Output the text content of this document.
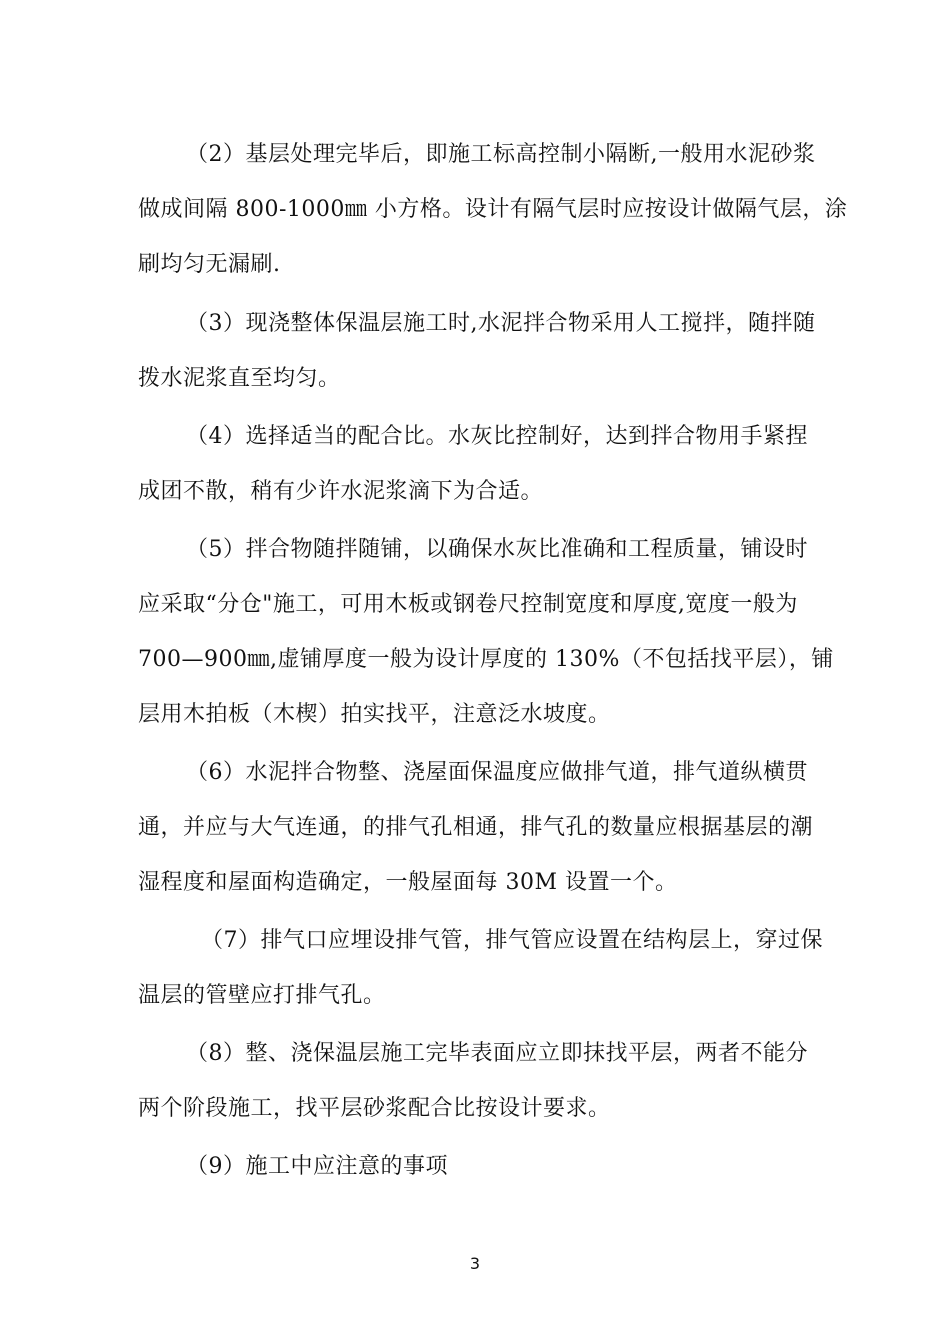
（2）基层处理完毕后，即施工标高控制小隔断,一般用水泥砂浆
做成间隔 800-1000㎜ 小方格。设计有隔气层时应按设计做隔气层，涂
刷均匀无漏刷.
（3）现浇整体保温层施工时,水泥拌合物采用人工搅拌，随拌随
拨水泥浆直至均匀。
（4）选择适当的配合比。水灰比控制好，达到拌合物用手紧捏
成团不散，稍有少许水泥浆滴下为合适。
（5）拌合物随拌随铺，以确保水灰比准确和工程质量，铺设时
应采取“分仓"施工，可用木板或钢卷尺控制宽度和厚度,宽度一般为
700—900㎜,虚铺厚度一般为设计厚度的 130%（不包括找平层），铺
层用木拍板（木楔）拍实找平，注意泛水坡度。
（6）水泥拌合物整、浇屋面保温度应做排气道，排气道纵横贯
通，并应与大气连通，的排气孔相通，排气孔的数量应根据基层的潮
湿程度和屋面构造确定，一般屋面每 30M 设置一个。
（7）排气口应埋设排气管，排气管应设置在结构层上，穿过保
温层的管壁应打排气孔。
（8）整、浇保温层施工完毕表面应立即抹找平层，两者不能分
两个阶段施工，找平层砂浆配合比按设计要求。
（9）施工中应注意的事项
3
